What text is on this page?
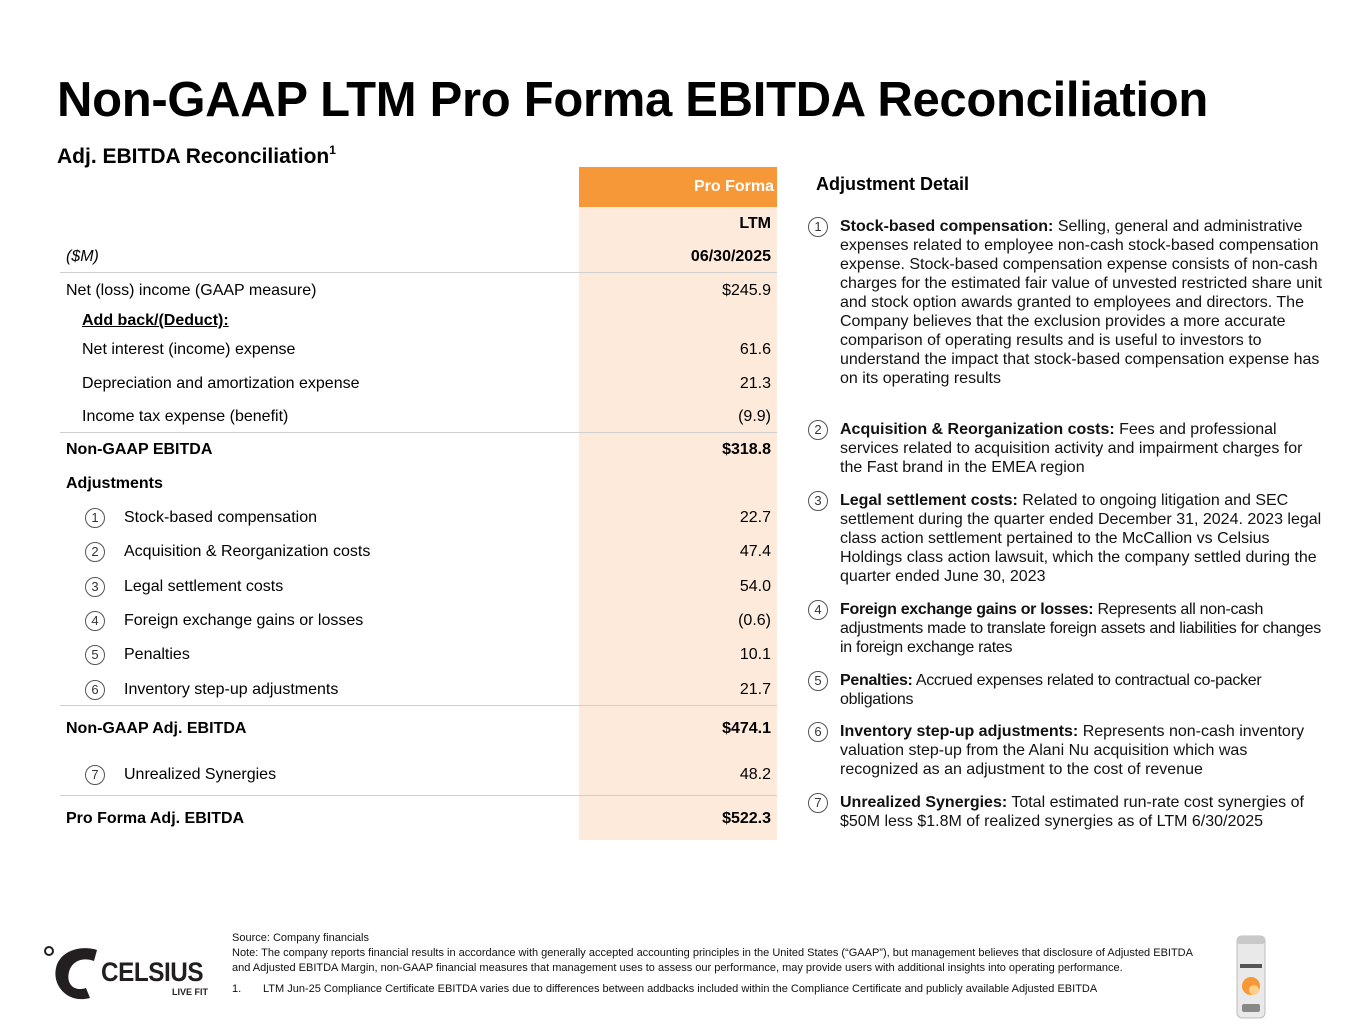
Non-GAAP LTM Pro Forma EBITDA Reconciliation
Adj. EBITDA Reconciliation$^1$
Pro Forma
LTM
($M)	06/30/2025
Net (loss) income (GAAP measure)	$245.9
Add back/(Deduct):
Net interest (income) expense	61.6
Depreciation and amortization expense	21.3
Income tax expense (benefit)	(9.9)
Non-GAAP EBITDA	$318.8
Adjustments
1	Stock-based compensation	22.7
2	Acquisition & Reorganization costs	47.4
3	Legal settlement costs	54.0
4	Foreign exchange gains or losses	(0.6)
5	Penalties	10.1
6	Inventory step-up adjustments	21.7
Non-GAAP Adj. EBITDA	$474.1
7	Unrealized Synergies	48.2
Pro Forma Adj. EBITDA	$522.3
Adjustment Detail
1	Stock-based compensation: Selling, general and administrative expenses related to employee non-cash stock-based compensation expense. Stock-based compensation expense consists of non-cash charges for the estimated fair value of unvested restricted share unit and stock option awards granted to employees and directors. The Company believes that the exclusion provides a more accurate comparison of operating results and is useful to investors to understand the impact that stock-based compensation expense has on its operating results

2	Acquisition & Reorganization costs: Fees and professional services related to acquisition activity and impairment charges for the Fast brand in the EMEA region

3	Legal settlement costs: Related to ongoing litigation and SEC settlement during the quarter ended December 31, 2024. 2023 legal class action settlement pertained to the McCallion vs Celsius Holdings class action lawsuit, which the company settled during the quarter ended June 30, 2023

4	Foreign exchange gains or losses: Represents all non-cash adjustments made to translate foreign assets and liabilities for changes in foreign exchange rates

5	Penalties: Accrued expenses related to contractual co-packer obligations

6	Inventory step-up adjustments: Represents non-cash inventory valuation step-up from the Alani Nu acquisition which was recognized as an adjustment to the cost of revenue

7	Unrealized Synergies: Total estimated run-rate cost synergies of $50M less $1.8M of realized synergies as of LTM 6/30/2025

CELSIUS
LIVE FIT

Source: Company financials

Note: The company reports financial results in accordance with generally accepted accounting principles in the United States (“GAAP”), but management believes that disclosure of Adjusted EBITDA and Adjusted EBITDA Margin, non-GAAP financial measures that management uses to assess our performance, may provide users with additional insights into operating performance.

1.	LTM Jun-25 Compliance Certificate EBITDA varies due to differences between addbacks included within the Compliance Certificate and publicly available Adjusted EBITDA
